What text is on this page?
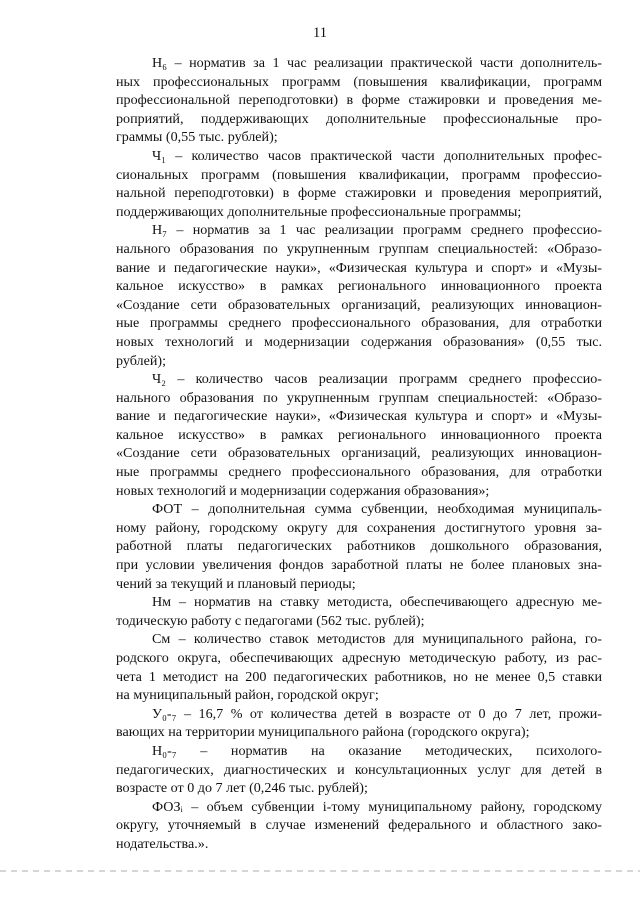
11
Н₆ – норматив за 1 час реализации практической части дополнитель-
ных профессиональных программ (повышения квалификации, программ
профессиональной переподготовки) в форме стажировки и проведения ме-
роприятий, поддерживающих дополнительные профессиональные про-
граммы (0,55 тыс. рублей);
Ч₁ – количество часов практической части дополнительных профес-
сиональных программ (повышения квалификации, программ профессио-
нальной переподготовки) в форме стажировки и проведения мероприятий,
поддерживающих дополнительные профессиональные программы;
Н₇ – норматив за 1 час реализации программ среднего профессио-
нального образования по укрупненным группам специальностей: «Образо-
вание и педагогические науки», «Физическая культура и спорт» и «Музы-
кальное искусство» в рамках регионального инновационного проекта
«Создание сети образовательных организаций, реализующих инновацион-
ные программы среднего профессионального образования, для отработки
новых технологий и модернизации содержания образования» (0,55 тыс.
рублей);
Ч₂ – количество часов реализации программ среднего профессио-
нального образования по укрупненным группам специальностей: «Образо-
вание и педагогические науки», «Физическая культура и спорт» и «Музы-
кальное искусство» в рамках регионального инновационного проекта
«Создание сети образовательных организаций, реализующих инновацион-
ные программы среднего профессионального образования, для отработки
новых технологий и модернизации содержания образования»;
ФОТ – дополнительная сумма субвенции, необходимая муниципаль-
ному району, городскому округу для сохранения достигнутого уровня за-
работной платы педагогических работников дошкольного образования,
при условии увеличения фондов заработной платы не более плановых зна-
чений за текущий и плановый периоды;
Нм – норматив на ставку методиста, обеспечивающего адресную ме-
тодическую работу с педагогами (562 тыс. рублей);
См – количество ставок методистов для муниципального района, го-
родского округа, обеспечивающих адресную методическую работу, из рас-
чета 1 методист на 200 педагогических работников, но не менее 0,5 ставки
на муниципальный район, городской округ;
У₀-₇ – 16,7 % от количества детей в возрасте от 0 до 7 лет, прожи-
вающих на территории муниципального района (городского округа);
Н₀-₇ – норматив на оказание методических, психолого-
педагогических, диагностических и консультационных услуг для детей в
возрасте от 0 до 7 лет (0,246 тыс. рублей);
ФОЗᵢ – объем субвенции i-тому муниципальному району, городскому
округу, уточняемый в случае изменений федерального и областного зако-
нодательства.».
